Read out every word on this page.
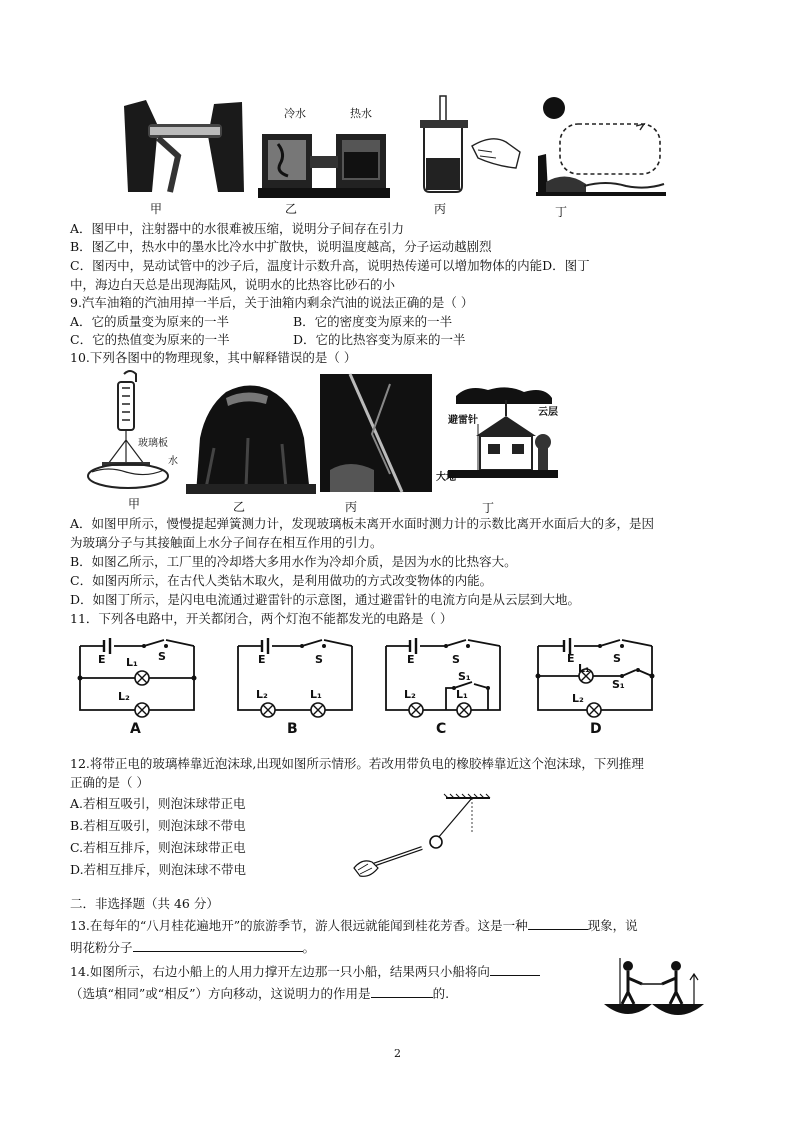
甲
冷水	热水
乙	丙	丁
A．图甲中，注射器中的水很难被压缩，说明分子间存在引力
B．图乙中，热水中的墨水比冷水中扩散快，说明温度越高，分子运动越剧烈
C．图丙中，晃动试管中的沙子后，温度计示数升高，说明热传递可以增加物体的内能D．图丁
中，海边白天总是出现海陆风，说明水的比热容比砂石的小
9.汽车油箱的汽油用掉一半后，关于油箱内剩余汽油的说法正确的是（ ）
A．它的质量变为原来的一半	B．它的密度变为原来的一半
C．它的热值变为原来的一半	D．它的比热容变为原来的一半
10.下列各图中的物理现象，其中解释错误的是（ ）
玻璃板
水
甲	乙	丙
避雷针
云层
大地
丁
A．如图甲所示，慢慢提起弹簧测力计，发现玻璃板未离开水面时测力计的示数比离开水面后大的多，是因
为玻璃分子与其接触面上水分子间存在相互作用的引力。
B．如图乙所示，工厂里的冷却塔大多用水作为冷却介质，是因为水的比热容大。
C．如图丙所示，在古代人类钻木取火，是利用做功的方式改变物体的内能。
D．如图丁所示，是闪电电流通过避雷针的示意图，通过避雷针的电流方向是从云层到大地。
11．下列各电路中，开关都闭合，两个灯泡不能都发光的电路是（ ）
E	S
L₁
L₂
A
E	S
L₂	L₁
B
E	S
S₁
L₂	L₁
C
E	S
L₁
S₁
L₂
D
12.将带正电的玻璃棒靠近泡沫球,出现如图所示情形。若改用带负电的橡胶棒靠近这个泡沫球，下列推理
正确的是（ ）
A.若相互吸引，则泡沫球带正电
B.若相互吸引，则泡沫球不带电
C.若相互排斥，则泡沫球带正电
D.若相互排斥，则泡沫球不带电
二．非选择题（共 46 分）
13.在每年的“八月桂花遍地开”的旅游季节，游人很远就能闻到桂花芳香。这是一种	现象，说
明花粉分子	。
14.如图所示，右边小船上的人用力撑开左边那一只小船，结果两只小船将向
（选填“相同”或“相反”）方向移动，这说明力的作用是	的.
2
